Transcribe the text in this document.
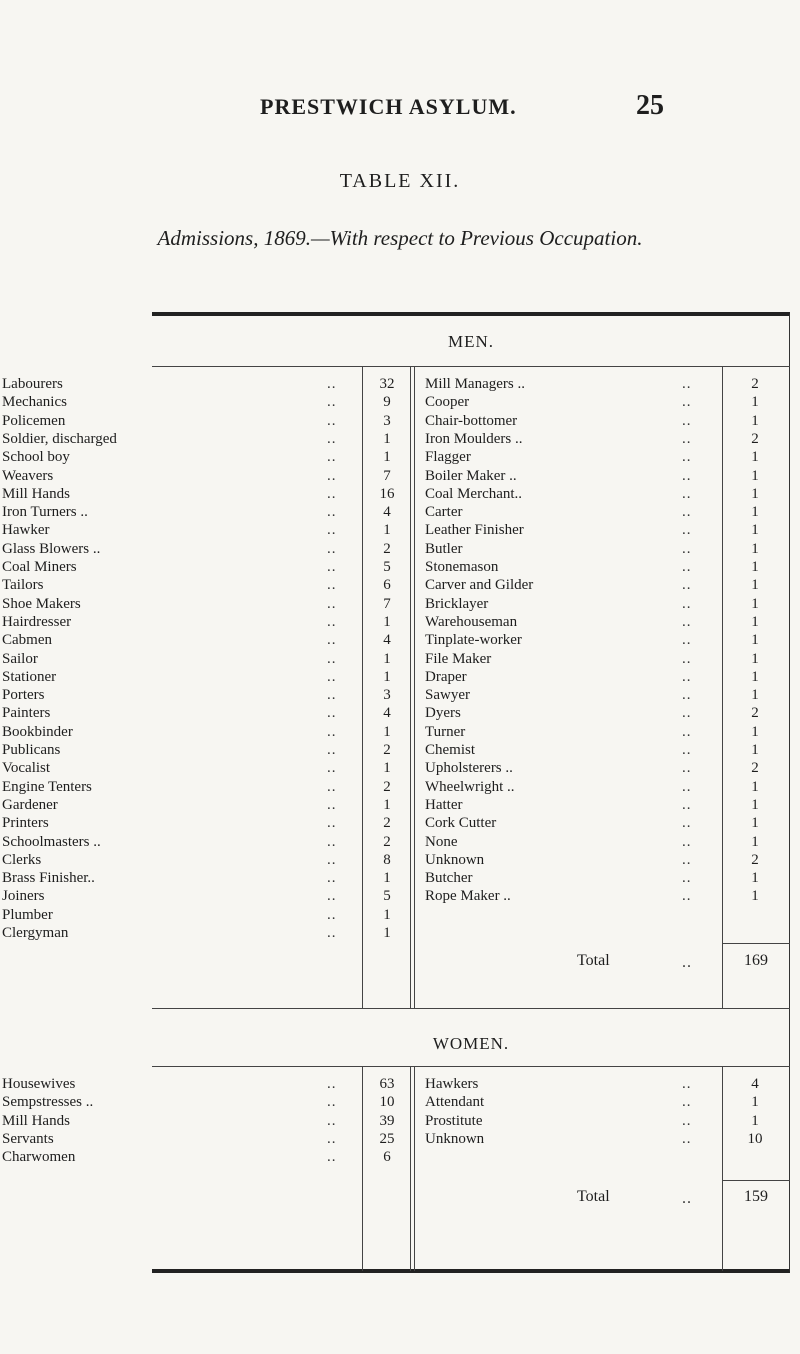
PRESTWICH ASYLUM.	25
TABLE XII.
Admissions, 1869.—With respect to Previous Occupation.
MEN.
WOMEN.
Labourers	..	32
Mechanics	..	9
Policemen	..	3
Soldier, discharged	..	1
School boy	..	1
Weavers	..	7
Mill Hands	..	16
Iron Turners ..	..	4
Hawker	..	1
Glass Blowers ..	..	2
Coal Miners	..	5
Tailors	..	6
Shoe Makers	..	7
Hairdresser	..	1
Cabmen	..	4
Sailor	..	1
Stationer	..	1
Porters	..	3
Painters	..	4
Bookbinder	..	1
Publicans	..	2
Vocalist	..	1
Engine Tenters	..	2
Gardener	..	1
Printers	..	2
Schoolmasters ..	..	2
Clerks	..	8
Brass Finisher..	..	1
Joiners	..	5
Plumber	..	1
Clergyman	..	1
Mill Managers ..	..	2
Cooper	..	1
Chair-bottomer	..	1
Iron Moulders ..	..	2
Flagger	..	1
Boiler Maker ..	..	1
Coal Merchant..	..	1
Carter	..	1
Leather Finisher	..	1
Butler	..	1
Stonemason	..	1
Carver and Gilder	..	1
Bricklayer	..	1
Warehouseman	..	1
Tinplate-worker	..	1
File Maker	..	1
Draper	..	1
Sawyer	..	1
Dyers	..	2
Turner	..	1
Chemist	..	1
Upholsterers ..	..	2
Wheelwright ..	..	1
Hatter	..	1
Cork Cutter	..	1
None	..	1
Unknown	..	2
Butcher	..	1
Rope Maker ..	..	1
Housewives	..	63
Sempstresses ..	..	10
Mill Hands	..	39
Servants	..	25
Charwomen	..	6
Hawkers	..	4
Attendant	..	1
Prostitute	..	1
Unknown	..	10
Total	..	169
Total	..	159
